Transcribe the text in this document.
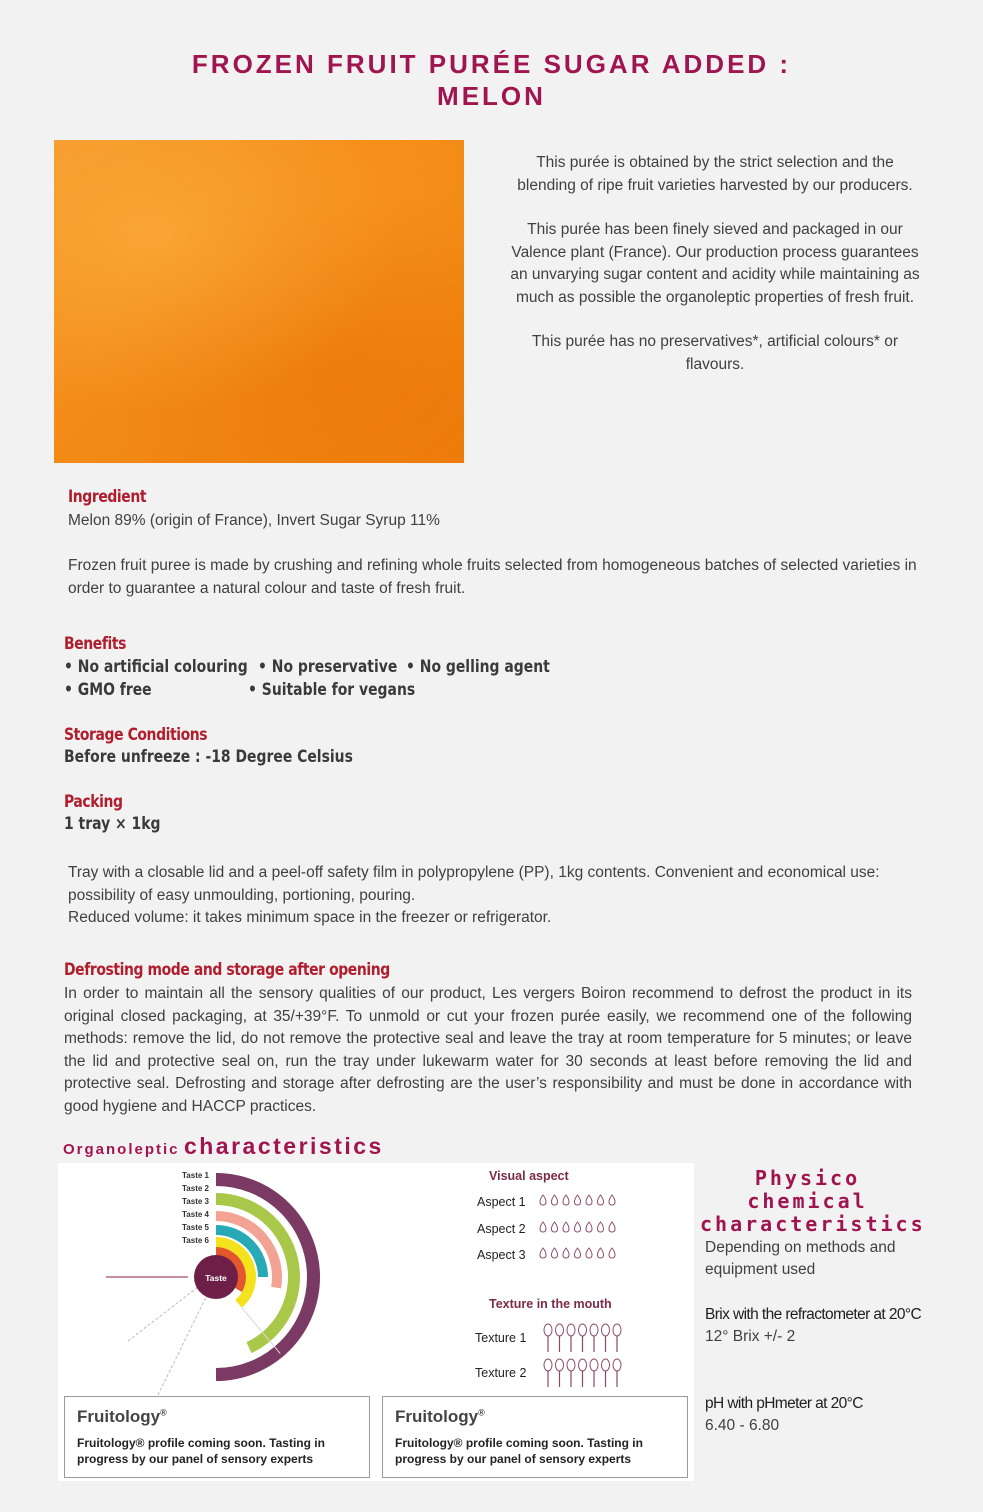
FROZEN FRUIT PURÉE SUGAR ADDED :
MELON

This purée is obtained by the strict selection and the blending of ripe fruit varieties harvested by our producers.

This purée has been finely sieved and packaged in our Valence plant (France). Our production process guarantees an unvarying sugar content and acidity while maintaining as much as possible the organoleptic properties of fresh fruit.

This purée has no preservatives*, artificial colours* or flavours.

Ingredient
Melon 89% (origin of France), Invert Sugar Syrup 11%
Frozen fruit puree is made by crushing and refining whole fruits selected from homogeneous batches of selected varieties in order to guarantee a natural colour and taste of fresh fruit.
Benefits
• No artificial colouring • No preservative • No gelling agent
• GMO free	• Suitable for vegans
Storage Conditions
Before unfreeze : -18 Degree Celsius
Packing
1 tray × 1kg
Tray with a closable lid and a peel-off safety film in polypropylene (PP), 1kg contents. Convenient and economical use: possibility of easy unmoulding, portioning, pouring.
Reduced volume: it takes minimum space in the freezer or refrigerator.
Defrosting mode and storage after opening
In order to maintain all the sensory qualities of our product, Les vergers Boiron recommend to defrost the product in its original closed packaging, at 35/+39°F. To unmold or cut your frozen purée easily, we recommend one of the following methods: remove the lid, do not remove the protective seal and leave the tray at room temperature for 5 minutes; or leave the lid and protective seal on, run the tray under lukewarm water for 30 seconds at least before removing the lid and protective seal. Defrosting and storage after defrosting are the user’s responsibility and must be done in accordance with good hygiene and HACCP practices.
Organoleptic characteristics
Taste
Taste 1
Taste 2
Taste 3
Taste 4
Taste 5
Taste 6
Visual aspect
Aspect 1
Aspect 2
Aspect 3
Texture in the mouth
Texture 1
Texture 2
Fruitology®
Fruitology® profile coming soon. Tasting in progress by our panel of sensory experts
Fruitology®
Fruitology® profile coming soon. Tasting in progress by our panel of sensory experts
Physico chemical
characteristics
Depending on methods and equipment used
Brix with the refractometer at 20°C
12° Brix +/- 2
pH with pHmeter at 20°C
6.40 - 6.80
